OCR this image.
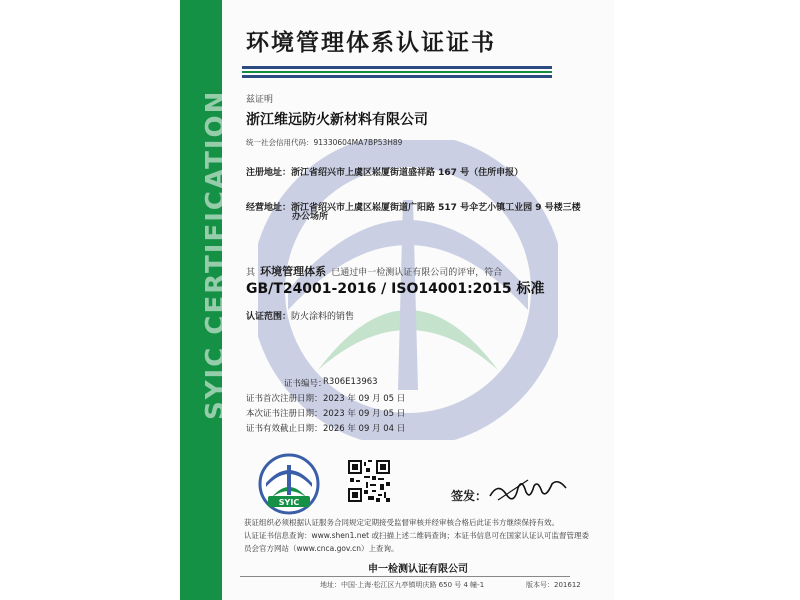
SYIC CERTIFICATION
环境管理体系认证证书
兹证明
浙江维远防火新材料有限公司
统一社会信用代码：91330604MA7BP53H89
注册地址：浙江省绍兴市上虞区崧厦街道盛祥路 167 号（住所申报）
经营地址：浙江省绍兴市上虞区崧厦街道广阳路 517 号伞艺小镇工业园 9 号楼三楼
办公场所
其 环境管理体系 已通过申一检测认证有限公司的评审，符合
GB/T24001-2016 / ISO14001:2015 标准
认证范围：防火涂料的销售
证书编号：
R306E13963
证书首次注册日期： 2023 年 09 月 05 日
本次证书注册日期： 2023 年 09 月 05 日
证书有效截止日期： 2026 年 09 月 04 日
SYIC	签发：
获证组织必须根据认证服务合同规定定期接受监督审核并经审核合格后此证书方继续保持有效。
认证证书信息查询：www.shen1.net 或扫描上述二维码查询；本证书信息可在国家认证认可监督管理委
员会官方网站（www.cnca.gov.cn）上查询。
申一检测认证有限公司
地址：中国·上海·松江区九亭镇明庆路 650 号 4 幢-1	版本号：201612
